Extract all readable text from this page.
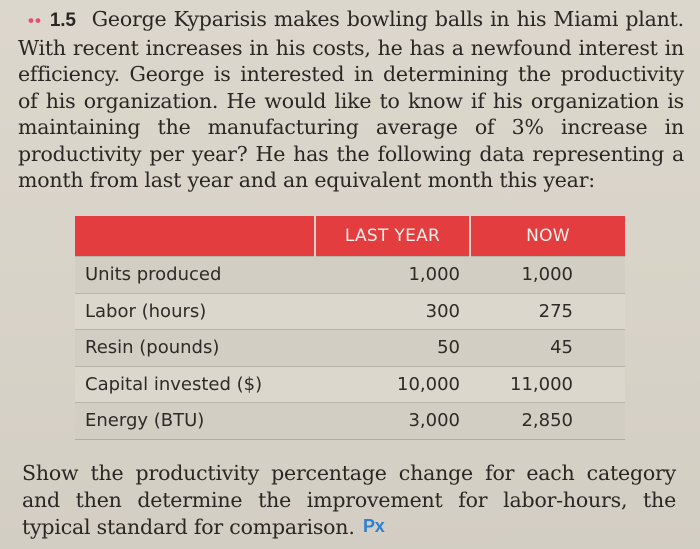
•• 1.5 George Kyparisis makes bowling balls in his Miami plant. With recent increases in his costs, he has a newfound interest in efficiency. George is interested in determining the productivity of his organization. He would like to know if his organization is maintaining the manufacturing average of 3% increase in productivity per year? He has the following data representing a month from last year and an equivalent month this year:

	LAST YEAR	NOW
Units produced	1,000	1,000
Labor (hours)	300	275
Resin (pounds)	50	45
Capital invested ($)	10,000	11,000
Energy (BTU)	3,000	2,850

Show the productivity percentage change for each category and then determine the improvement for labor-hours, the typical standard for comparison. Px
